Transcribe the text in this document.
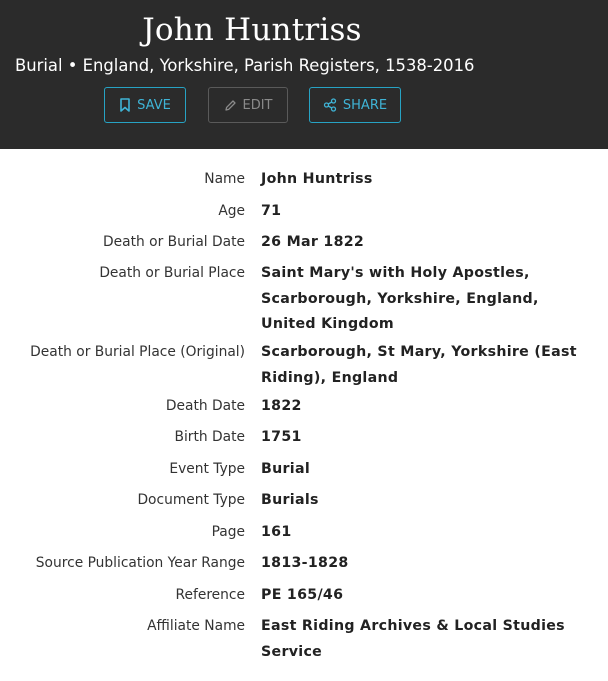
John Huntriss
Burial • England, Yorkshire, Parish Registers, 1538-2016
SAVE	EDIT	SHARE
Name John Huntriss
Age 71
Death or Burial Date 26 Mar 1822
Death or Burial Place Saint Mary's with Holy Apostles, Scarborough, Yorkshire, England, United Kingdom
Death or Burial Place (Original) Scarborough, St Mary, Yorkshire (East Riding), England
Death Date 1822
Birth Date 1751
Event Type Burial
Document Type Burials
Page 161
Source Publication Year Range 1813-1828
Reference PE 165/46
Affiliate Name East Riding Archives & Local Studies Service
